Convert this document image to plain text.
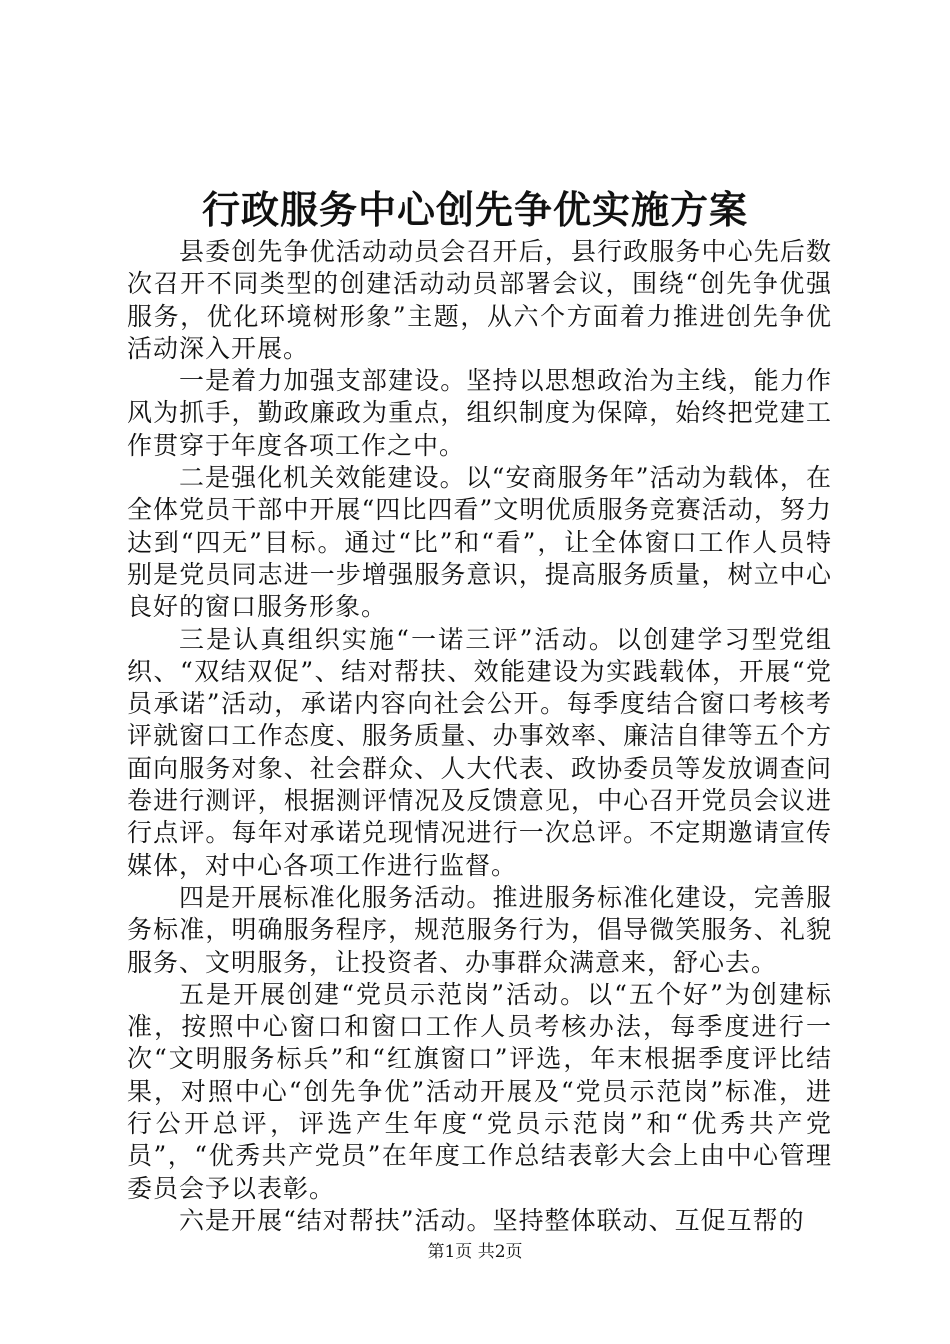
行政服务中心创先争优实施方案

县委创先争优活动动员会召开后，县行政服务中心先后数次召开不同类型的创建活动动员部署会议，围绕“创先争优强服务，优化环境树形象”主题，从六个方面着力推进创先争优活动深入开展。

一是着力加强支部建设。坚持以思想政治为主线，能力作风为抓手，勤政廉政为重点，组织制度为保障，始终把党建工作贯穿于年度各项工作之中。

二是强化机关效能建设。以“安商服务年”活动为载体，在全体党员干部中开展“四比四看”文明优质服务竞赛活动，努力达到“四无”目标。通过“比”和“看”，让全体窗口工作人员特别是党员同志进一步增强服务意识，提高服务质量，树立中心良好的窗口服务形象。

三是认真组织实施“一诺三评”活动。以创建学习型党组织、“双结双促”、结对帮扶、效能建设为实践载体，开展“党员承诺”活动，承诺内容向社会公开。每季度结合窗口考核考评就窗口工作态度、服务质量、办事效率、廉洁自律等五个方面向服务对象、社会群众、人大代表、政协委员等发放调查问卷进行测评，根据测评情况及反馈意见，中心召开党员会议进行点评。每年对承诺兑现情况进行一次总评。不定期邀请宣传媒体，对中心各项工作进行监督。

四是开展标准化服务活动。推进服务标准化建设，完善服务标准，明确服务程序，规范服务行为，倡导微笑服务、礼貌服务、文明服务，让投资者、办事群众满意来，舒心去。

五是开展创建“党员示范岗”活动。以“五个好”为创建标准，按照中心窗口和窗口工作人员考核办法，每季度进行一次“文明服务标兵”和“红旗窗口”评选，年末根据季度评比结果，对照中心“创先争优”活动开展及“党员示范岗”标准，进行公开总评，评选产生年度“党员示范岗”和“优秀共产党员”，“优秀共产党员”在年度工作总结表彰大会上由中心管理委员会予以表彰。

六是开展“结对帮扶”活动。坚持整体联动、互促互帮的

第1页 共2页
